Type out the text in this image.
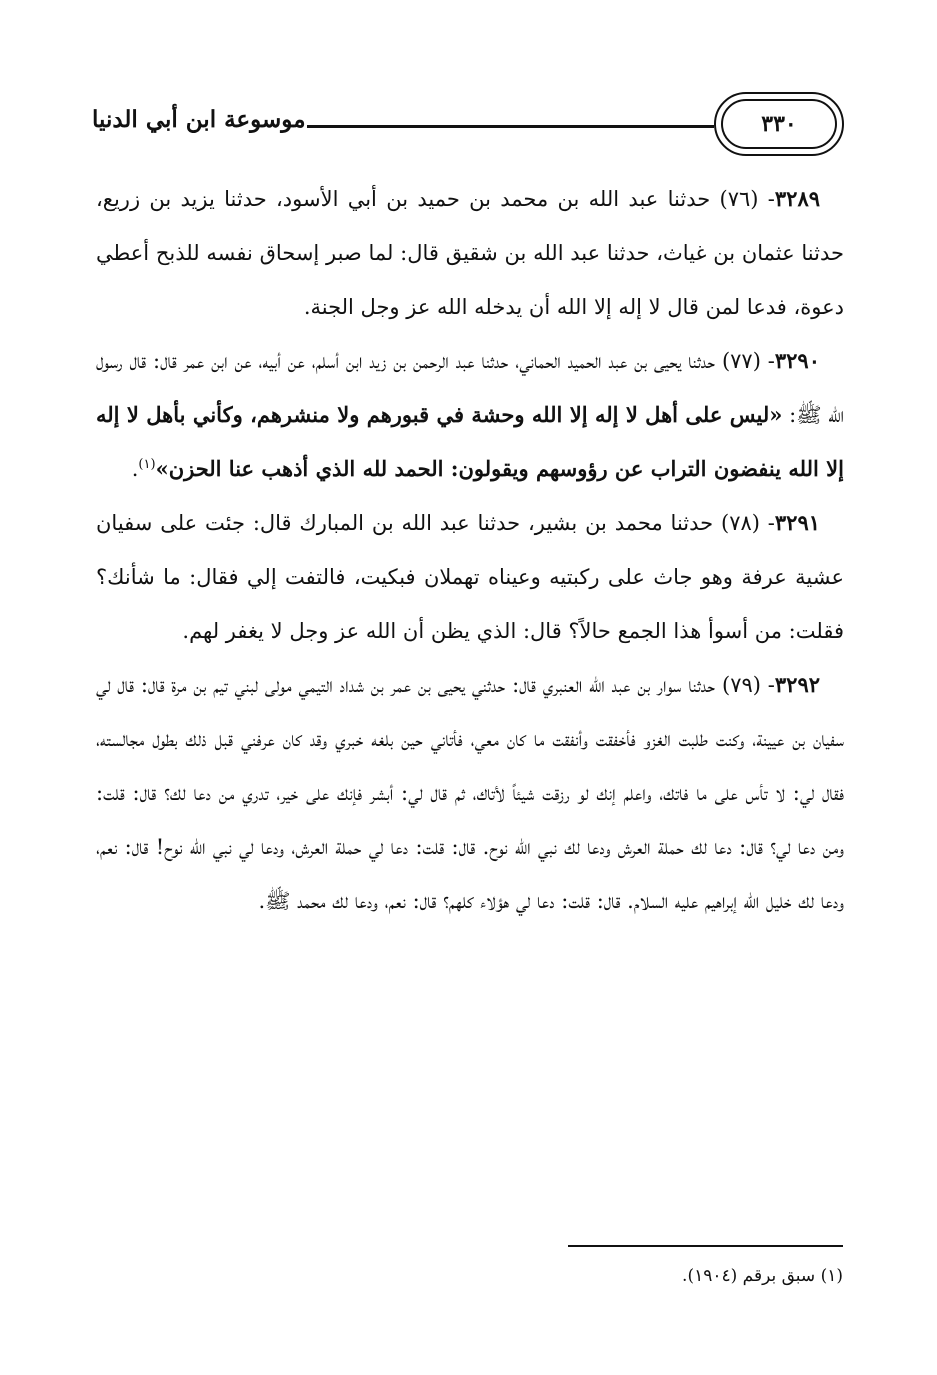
٣٣٠
موسوعة ابن أبي الدنيا

٣٢٨٩- (٧٦) حدثنا عبد الله بن محمد بن حميد بن أبي الأسود، حدثنا يزيد بن زريع، حدثنا عثمان بن غياث، حدثنا عبد الله بن شقيق قال: لما صبر إسحاق نفسه للذبح أعطي دعوة، فدعا لمن قال لا إله إلا الله أن يدخله الله عز وجل الجنة.

٣٢٩٠- (٧٧) حدثنا يحيى بن عبد الحميد الحماني، حدثنا عبد الرحمن بن زيد ابن أسلم، عن أبيه، عن ابن عمر قال: قال رسول الله ﷺ: «ليس على أهل لا إله إلا الله وحشة في قبورهم ولا منشرهم، وكأني بأهل لا إله إلا الله ينفضون التراب عن رؤوسهم ويقولون: الحمد لله الذي أذهب عنا الحزن»$^{(١)}$.

٣٢٩١- (٧٨) حدثنا محمد بن بشير، حدثنا عبد الله بن المبارك قال: جئت على سفيان عشية عرفة وهو جاث على ركبتيه وعيناه تهملان فبكيت، فالتفت إلي فقال: ما شأنك؟ فقلت: من أسوأ هذا الجمع حالاً؟ قال: الذي يظن أن الله عز وجل لا يغفر لهم.

٣٢٩٢- (٧٩) حدثنا سوار بن عبد الله العنبري قال: حدثني يحيى بن عمر بن شداد التيمي مولى لبني تيم بن مرة قال: قال لي سفيان بن عيينة، وكنت طلبت الغزو فأخفقت وأنفقت ما كان معي، فأتاني حين بلغه خبري وقد كان عرفني قبل ذلك بطول مجالسته، فقال لي: لا تأس على ما فاتك، واعلم إنك لو رزقت شيئاً لأتاك، ثم قال لي: أبشر فإنك على خير، تدري من دعا لك؟ قال: قلت: ومن دعا لي؟ قال: دعا لك حملة العرش ودعا لك نبي الله نوح. قال: قلت: دعا لي حملة العرش، ودعا لي نبي الله نوح! قال: نعم، ودعا لك خليل الله إبراهيم عليه السلام. قال: قلت: دعا لي هؤلاء كلهم؟ قال: نعم، ودعا لك محمد ﷺ.

(١) سبق برقم (١٩٠٤).
